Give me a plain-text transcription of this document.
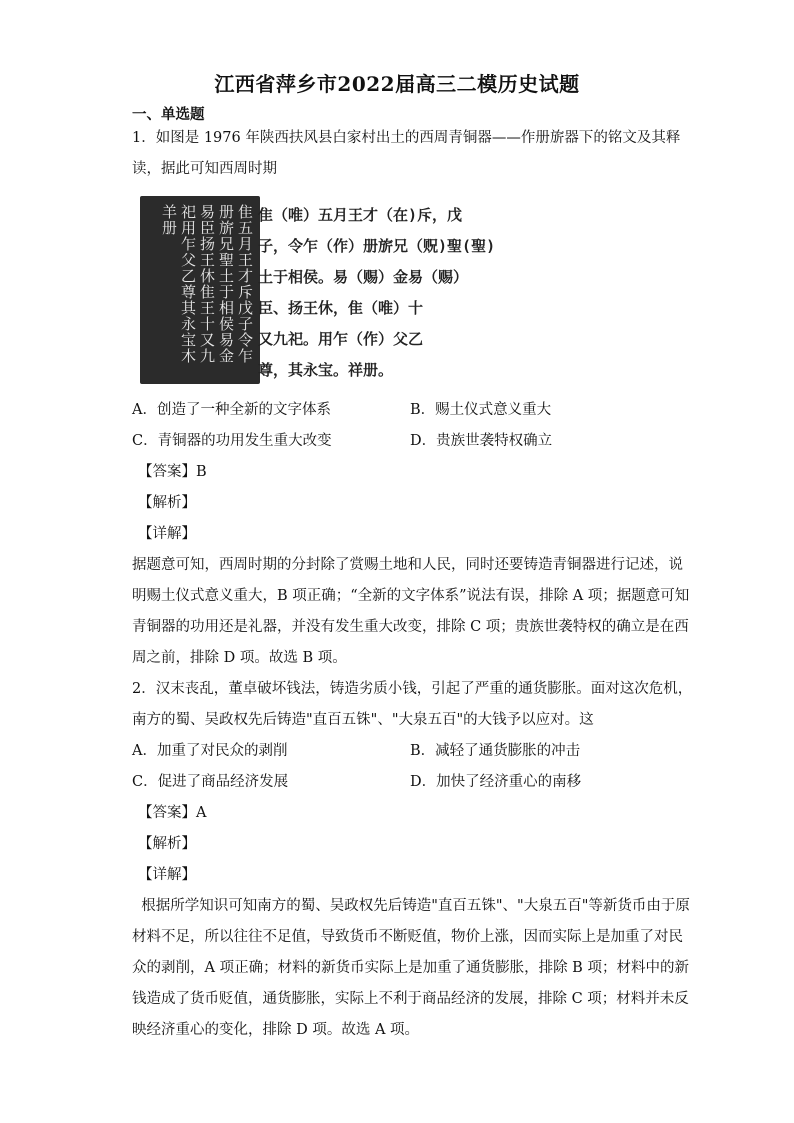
江西省萍乡市2022届高三二模历史试题
一、单选题
1．如图是 1976 年陕西扶风县白家村出土的西周青铜器——作册旂器下的铭文及其释
读，据此可知西周时期
隹五月王才斥戊子令乍册旂兄聖土于相侯易金易臣扬王休隹王十又九祀用乍父乙尊其永宝木羊册	隹（唯）五月王才（在)斥，戊
子，令乍（作）册旂兄（贶)聖(聖)
土于相侯。易（赐）金易（赐）
臣、扬王休，隹（唯）十
又九祀。用乍（作）父乙
尊，其永宝。祥册。
A．创造了一种全新的文字体系	B．赐土仪式意义重大
C．青铜器的功用发生重大改变	D．贵族世袭特权确立
【答案】B
【解析】
【详解】
据题意可知，西周时期的分封除了赏赐土地和人民，同时还要铸造青铜器进行记述，说
明赐土仪式意义重大，B 项正确；“全新的文字体系”说法有误，排除 A 项；据题意可知
青铜器的功用还是礼器，并没有发生重大改变，排除 C 项；贵族世袭特权的确立是在西
周之前，排除 D 项。故选 B 项。
2．汉末丧乱，董卓破坏钱法，铸造劣质小钱，引起了严重的通货膨胀。面对这次危机，
南方的蜀、吴政权先后铸造"直百五铢"、"大泉五百"的大钱予以应对。这
A．加重了对民众的剥削	B．减轻了通货膨胀的冲击
C．促进了商品经济发展	D．加快了经济重心的南移
【答案】A
【解析】
【详解】
根据所学知识可知南方的蜀、吴政权先后铸造"直百五铢"、"大泉五百"等新货币由于原
材料不足，所以往往不足值，导致货币不断贬值，物价上涨，因而实际上是加重了对民
众的剥削，A 项正确；材料的新货币实际上是加重了通货膨胀，排除 B 项；材料中的新
钱造成了货币贬值，通货膨胀，实际上不利于商品经济的发展，排除 C 项；材料并未反
映经济重心的变化，排除 D 项。故选 A 项。
